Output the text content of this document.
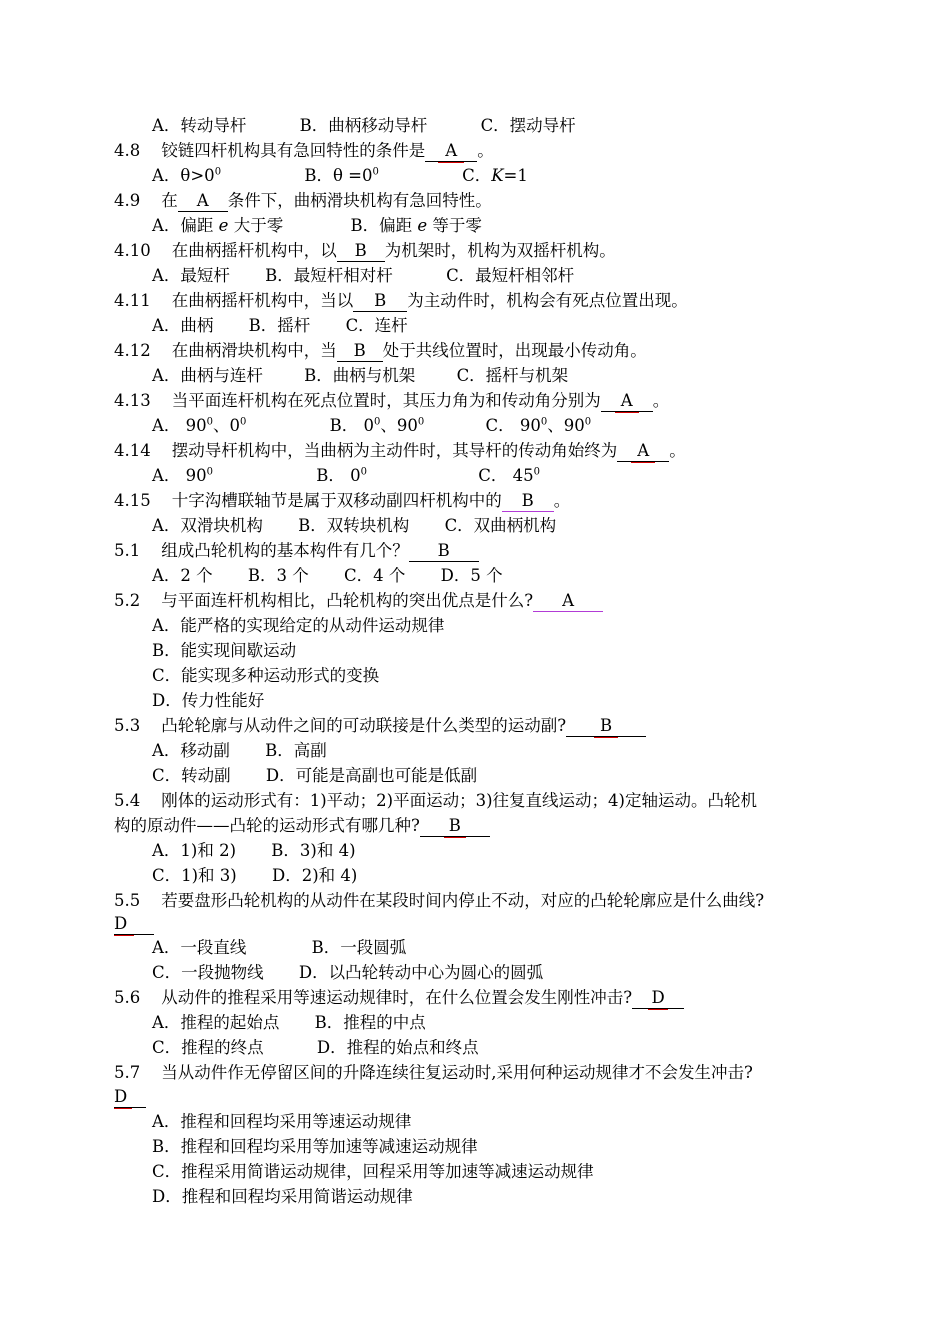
A．转动导杆	B．曲柄移动导杆	C．摆动导杆
4.8 铰链四杆机构具有急回特性的条件是 A 。
A．$\theta>0^0$	B．$\theta =0^0$	C．K=1
4.9 在 A 条件下，曲柄滑块机构有急回特性。
A．偏距 e 大于零	B．偏距 e 等于零
4.10 在曲柄摇杆机构中，以 B 为机架时，机构为双摇杆机构。
A．最短杆 B．最短杆相对杆	C．最短杆相邻杆
4.11 在曲柄摇杆机构中，当以 B 为主动件时，机构会有死点位置出现。
A．曲柄 B．摇杆 C．连杆
4.12 在曲柄滑块机构中，当 B 处于共线位置时，出现最小传动角。
A．曲柄与连杆	B．曲柄与机架	C．摇杆与机架
4.13 当平面连杆机构在死点位置时，其压力角为和传动角分别为 A 。
A． $90^0$、$0^0$	B． $0^0$、$90^0$	C． $90^0$、$90^0$
4.14 摆动导杆机构中，当曲柄为主动件时，其导杆的传动角始终为 A 。
A． $90^0$	B． $0^0$	C． $45^0$
4.15 十字沟槽联轴节是属于双移动副四杆机构中的 B 。
A．双滑块机构 B．双转块机构 C．双曲柄机构
5.1 组成凸轮机构的基本构件有几个？ B
A．2 个 B．3 个 C．4 个 D．5 个
5.2 与平面连杆机构相比，凸轮机构的突出优点是什么? A
A．能严格的实现给定的从动件运动规律
B．能实现间歇运动
C．能实现多种运动形式的变换
D．传力性能好
5.3 凸轮轮廓与从动件之间的可动联接是什么类型的运动副? B
A．移动副 B．高副
C．转动副 D．可能是高副也可能是低副
5.4 刚体的运动形式有：1)平动；2)平面运动；3)往复直线运动；4)定轴运动。凸轮机
构的原动件——凸轮的运动形式有哪几种? B
A．1)和 2) B．3)和 4)
C．1)和 3) D．2)和 4)
5.5 若要盘形凸轮机构的从动件在某段时间内停止不动，对应的凸轮轮廓应是什么曲线?
D
A．一段直线	B．一段圆弧
C．一段抛物线 D．以凸轮转动中心为圆心的圆弧
5.6 从动件的推程采用等速运动规律时，在什么位置会发生刚性冲击? D
A．推程的起始点 B．推程的中点
C．推程的终点	D．推程的始点和终点
5.7 当从动件作无停留区间的升降连续往复运动时,采用何种运动规律才不会发生冲击?
D
A．推程和回程均采用等速运动规律
B．推程和回程均采用等加速等减速运动规律
C．推程采用简谐运动规律，回程采用等加速等减速运动规律
D．推程和回程均采用简谐运动规律
